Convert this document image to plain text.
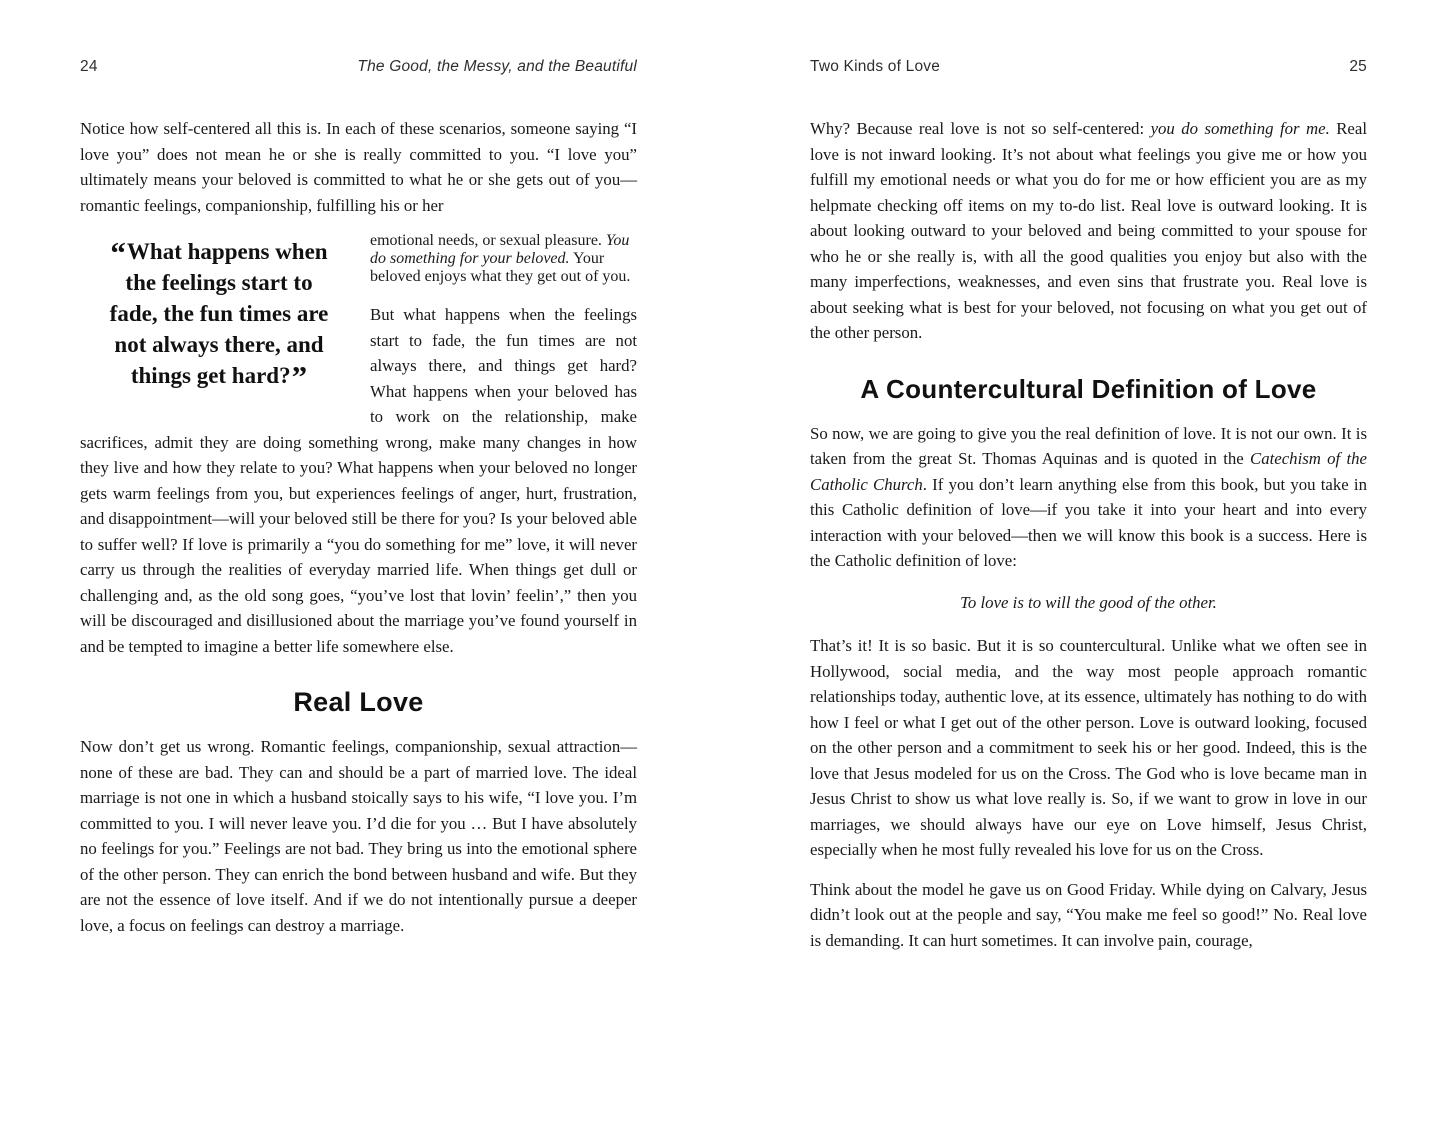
24	The Good, the Messy, and the Beautiful

Notice how self-centered all this is. In each of these scenarios, someone saying “I love you” does not mean he or she is really committed to you. “I love you” ultimately means your beloved is committed to what he or she gets out of you—romantic feelings, companionship, fulfilling his or her

“What happens when
the feelings start to
fade, the fun times are
not always there, and
things get hard?”
emotional needs, or sexual pleasure. You do something for your beloved. Your beloved enjoys what they get out of you.

But what happens when the feelings start to fade, the fun times are not always there, and things get hard? What happens when your beloved has to work on the relationship, make sacrifices, admit they are doing something wrong, make many changes in how they live and how they relate to you? What happens when your beloved no longer gets warm feelings from you, but experiences feelings of anger, hurt, frustration, and disappointment—will your beloved still be there for you? Is your beloved able to suffer well? If love is primarily a “you do something for me” love, it will never carry us through the realities of everyday married life. When things get dull or challenging and, as the old song goes, “you’ve lost that lovin’ feelin’,” then you will be discouraged and disillusioned about the marriage you’ve found yourself in and be tempted to imagine a better life somewhere else.

Real Love

Now don’t get us wrong. Romantic feelings, companionship, sexual attraction—none of these are bad. They can and should be a part of married love. The ideal marriage is not one in which a husband stoically says to his wife, “I love you. I’m committed to you. I will never leave you. I’d die for you … But I have absolutely no feelings for you.” Feelings are not bad. They bring us into the emotional sphere of the other person. They can enrich the bond between husband and wife. But they are not the essence of love itself. And if we do not intentionally pursue a deeper love, a focus on feelings can destroy a marriage.

Two Kinds of Love	25

Why? Because real love is not so self-centered: you do something for me. Real love is not inward looking. It’s not about what feelings you give me or how you fulfill my emotional needs or what you do for me or how efficient you are as my helpmate checking off items on my to-do list. Real love is outward looking. It is about looking outward to your beloved and being committed to your spouse for who he or she really is, with all the good qualities you enjoy but also with the many imperfections, weaknesses, and even sins that frustrate you. Real love is about seeking what is best for your beloved, not focusing on what you get out of the other person.

A Countercultural Definition of Love

So now, we are going to give you the real definition of love. It is not our own. It is taken from the great St. Thomas Aquinas and is quoted in the Catechism of the Catholic Church. If you don’t learn anything else from this book, but you take in this Catholic definition of love—if you take it into your heart and into every interaction with your beloved—then we will know this book is a success. Here is the Catholic definition of love:

To love is to will the good of the other.

That’s it! It is so basic. But it is so countercultural. Unlike what we often see in Hollywood, social media, and the way most people approach romantic relationships today, authentic love, at its essence, ultimately has nothing to do with how I feel or what I get out of the other person. Love is outward looking, focused on the other person and a commitment to seek his or her good. Indeed, this is the love that Jesus modeled for us on the Cross. The God who is love became man in Jesus Christ to show us what love really is. So, if we want to grow in love in our marriages, we should always have our eye on Love himself, Jesus Christ, especially when he most fully revealed his love for us on the Cross.

Think about the model he gave us on Good Friday. While dying on Calvary, Jesus didn’t look out at the people and say, “You make me feel so good!” No. Real love is demanding. It can hurt sometimes. It can involve pain, courage,
